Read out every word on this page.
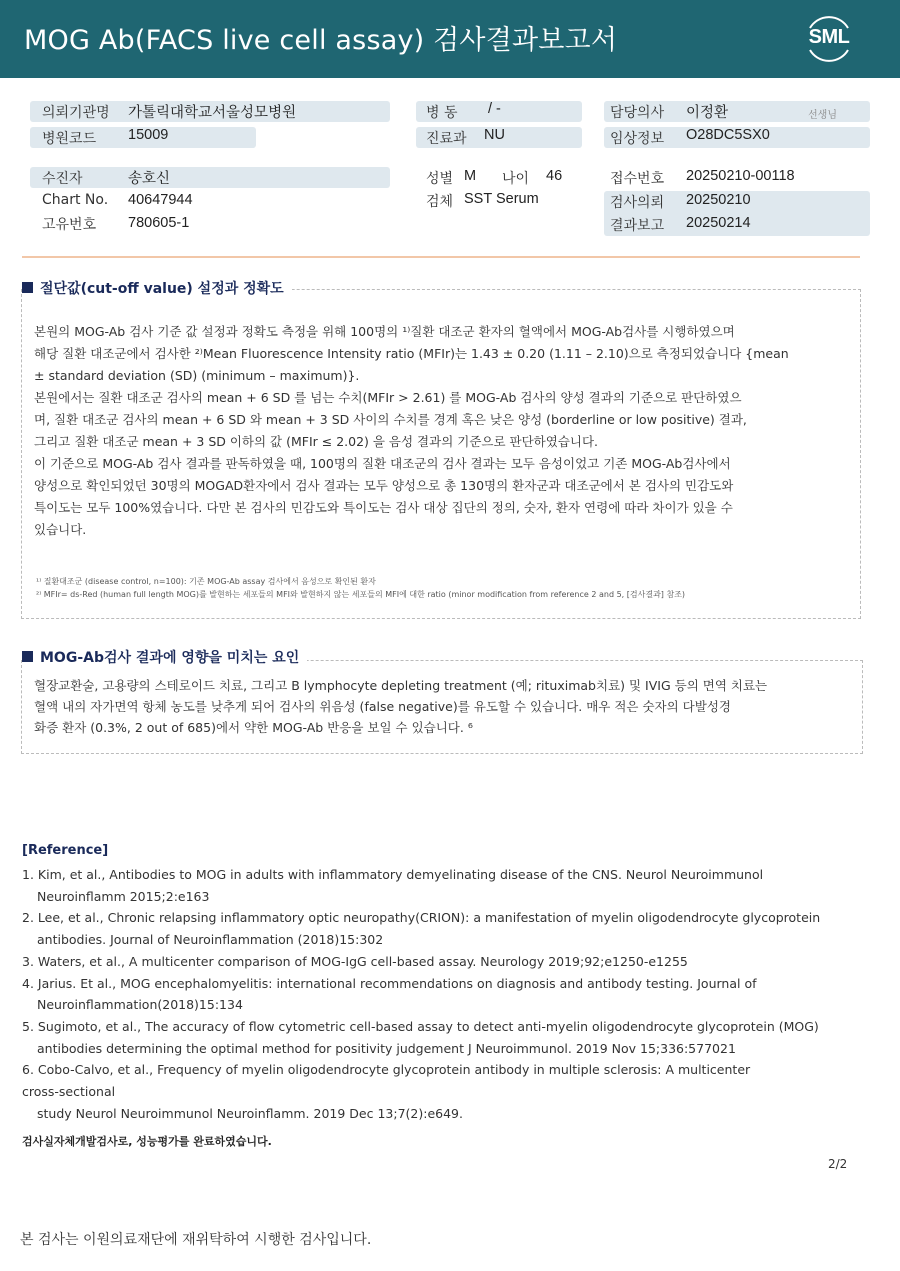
MOG Ab(FACS live cell assay) 검사결과보고서	SML
의뢰기관명 가톨릭대학교서울성모병원
병원코드 15009
병 동 / -
진료과 NU
담당의사 이정환	선생님
임상정보 O28DC5SX0
수진자	송호신
Chart No. 40647944
고유번호 780605-1
성별 M 나이 46
검체 SST Serum
접수번호 20250210-00118
검사의뢰 20250210
결과보고 20250214
절단값(cut-off value) 설정과 정확도

본원의 MOG-Ab 검사 기준 값 설정과 정확도 측정을 위해 100명의 ¹⁾질환 대조군 환자의 혈액에서 MOG-Ab검사를 시행하였으며

해당 질환 대조군에서 검사한 ²⁾Mean Fluorescence Intensity ratio (MFIr)는 1.43 ± 0.20 (1.11 – 2.10)으로 측정되었습니다 {mean

± standard deviation (SD) (minimum – maximum)}.

본원에서는 질환 대조군 검사의 mean + 6 SD 를 넘는 수치(MFIr > 2.61) 를 MOG-Ab 검사의 양성 결과의 기준으로 판단하였으

며, 질환 대조군 검사의 mean + 6 SD 와 mean + 3 SD 사이의 수치를 경계 혹은 낮은 양성 (borderline or low positive) 결과,

그리고 질환 대조군 mean + 3 SD 이하의 값 (MFIr ≤ 2.02) 을 음성 결과의 기준으로 판단하였습니다.

이 기준으로 MOG-Ab 검사 결과를 판독하였을 때, 100명의 질환 대조군의 검사 결과는 모두 음성이었고 기존 MOG-Ab검사에서

양성으로 확인되었던 30명의 MOGAD환자에서 검사 결과는 모두 양성으로 총 130명의 환자군과 대조군에서 본 검사의 민감도와

특이도는 모두 100%였습니다. 다만 본 검사의 민감도와 특이도는 검사 대상 집단의 정의, 숫자, 환자 연령에 따라 차이가 있을 수

있습니다.

¹⁾ 질환대조군 (disease control, n=100): 기존 MOG-Ab assay 검사에서 음성으로 확인된 환자
²⁾ MFIr= ds-Red (human full length MOG)를 발현하는 세포들의 MFI와 발현하지 않는 세포들의 MFI에 대한 ratio (minor modification from reference 2 and 5, [검사결과] 참조)
MOG-Ab검사 결과에 영향을 미치는 요인

혈장교환술, 고용량의 스테로이드 치료, 그리고 B lymphocyte depleting treatment (예; rituximab치료) 및 IVIG 등의 면역 치료는

혈액 내의 자가면역 항체 농도를 낮추게 되어 검사의 위음성 (false negative)를 유도할 수 있습니다. 매우 적은 숫자의 다발성경

화증 환자 (0.3%, 2 out of 685)에서 약한 MOG-Ab 반응을 보일 수 있습니다. ⁶

[Reference]

1. Kim, et al., Antibodies to MOG in adults with inflammatory demyelinating disease of the CNS. Neurol Neuroimmunol

Neuroinflamm 2015;2:e163

2. Lee, et al., Chronic relapsing inflammatory optic neuropathy(CRION): a manifestation of myelin oligodendrocyte glycoprotein

antibodies. Journal of Neuroinflammation (2018)15:302

3. Waters, et al., A multicenter comparison of MOG-IgG cell-based assay. Neurology 2019;92;e1250-e1255

4. Jarius. Et al., MOG encephalomyelitis: international recommendations on diagnosis and antibody testing. Journal of

Neuroinflammation(2018)15:134

5. Sugimoto, et al., The accuracy of flow cytometric cell-based assay to detect anti-myelin oligodendrocyte glycoprotein (MOG)

antibodies determining the optimal method for positivity judgement J Neuroimmunol. 2019 Nov 15;336:577021

6. Cobo-Calvo, et al., Frequency of myelin oligodendrocyte glycoprotein antibody in multiple sclerosis: A multicenter

cross-sectional

study Neurol Neuroimmunol Neuroinflamm. 2019 Dec 13;7(2):e649.

검사실자체개발검사로, 성능평가를 완료하였습니다.
2/2
본 검사는 이원의료재단에 재위탁하여 시행한 검사입니다.
